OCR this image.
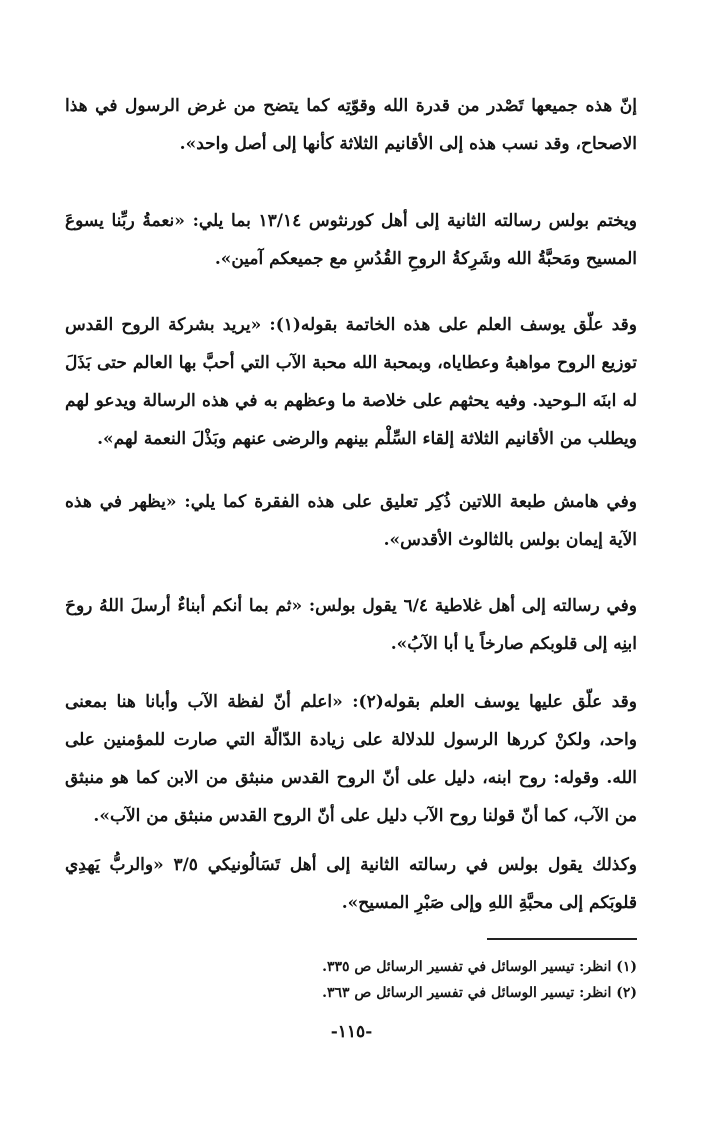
إنّ هذه جميعها تَصْدر من قدرة الله وقوّتِه كما يتضح من غرض الرسول في هذا الاصحاح، وقد نسب هذه إلى الأقانيم الثلاثة كأنها إلى أصل واحد».

ويختم بولس رسالته الثانية إلى أهل كورنثوس ١٣/١٤ بما يلي: «نعمةُ ربِّنا يسوعَ المسيح ومَحبَّةُ الله وشَرِكةُ الروحِ القُدُسِ مع جميعكم آمين».

وقد علّق يوسف العلم على هذه الخاتمة بقوله(١): «يريد بشركة الروح القدس توزيع الروح مواهبهُ وعطاياه، وبمحبة الله محبة الآب التي أحبَّ بها العالم حتى بَذَلَ له ابنَه الـوحيد. وفيه يحثهم على خلاصة ما وعظهم به في هذه الرسالة ويدعو لهم ويطلب من الأقانيم الثلاثة إلقاء السِّلْم بينهم والرضى عنهم وبَذْلَ النعمة لهم».

وفي هامش طبعة اللاتين ذُكِر تعليق على هذه الفقرة كما يلي: «يظهر في هذه الآية إيمان بولس بالثالوث الأقدس».

وفي رسالته إلى أهل غلاطية ٦/٤ يقول بولس: «ثم بما أنكم أبناءٌ أرسلَ اللهُ روحَ ابنِه إلى قلوبكم صارخاً يا أبا الآبُ».

وقد علّق عليها يوسف العلم بقوله(٢): «اعلم أنّ لفظة الآب وأبانا هنا بمعنى واحد، ولكنْ كررها الرسول للدلالة على زيادة الدّالّة التي صارت للمؤمنين على الله. وقوله: روح ابنه، دليل على أنّ الروح القدس منبثق من الابن كما هو منبثق من الآب، كما أنّ قولنا روح الآب دليل على أنّ الروح القدس منبثق من الآب».

وكذلك يقول بولس في رسالته الثانية إلى أهل تَسَالُونيكي ٣/٥ «والربُّ يَهدِي قلوبَكم إلى محبَّةِ اللهِ وإلى صَبْرِ المسيح».

(١) انظر: تيسير الوسائل في تفسير الرسائل ص ٣٣٥.
(٢) انظر: تيسير الوسائل في تفسير الرسائل ص ٣٦٣.
-١١٥-
